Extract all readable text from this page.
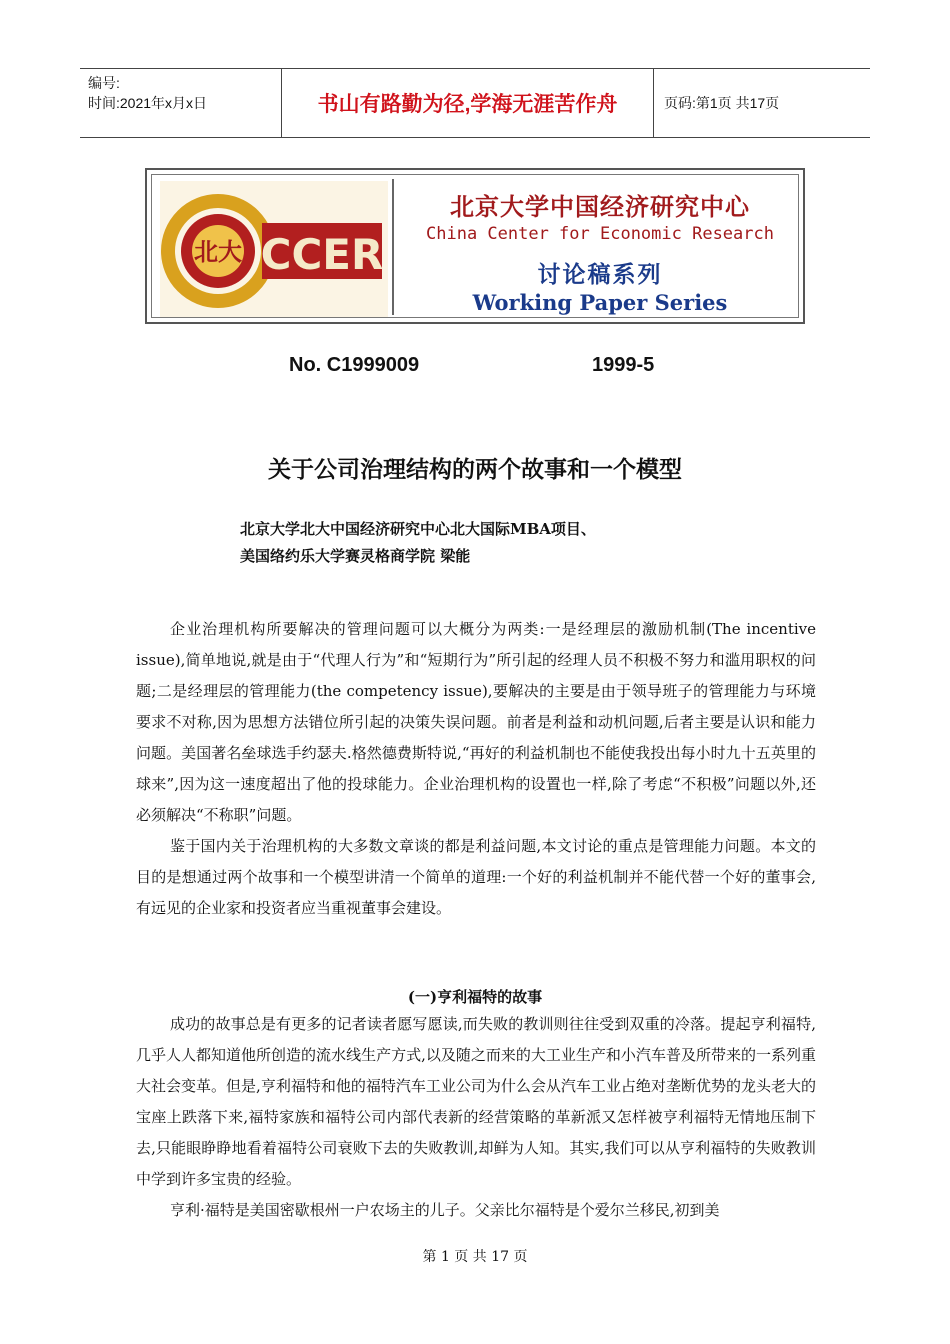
编号:
时间:2021年x月x日	书山有路勤为径,学海无涯苦作舟	页码:第1页 共17页
北大 CCER
北京大学中国经济研究中心
China Center for Economic Research
讨论稿系列
Working Paper Series
No. C1999009	1999-5
关于公司治理结构的两个故事和一个模型
北京大学北大中国经济研究中心北大国际MBA项目、
美国络约乐大学赛灵格商学院 梁能

企业治理机构所要解决的管理问题可以大概分为两类:一是经理层的激励机制(The incentive issue),简单地说,就是由于“代理人行为”和“短期行为”所引起的经理人员不积极不努力和滥用职权的问题;二是经理层的管理能力(the competency issue),要解决的主要是由于领导班子的管理能力与环境要求不对称,因为思想方法错位所引起的决策失误问题。前者是利益和动机问题,后者主要是认识和能力问题。美国著名垒球选手约瑟夫.格然德费斯特说,“再好的利益机制也不能使我投出每小时九十五英里的球来”,因为这一速度超出了他的投球能力。企业治理机构的设置也一样,除了考虑“不积极”问题以外,还必须解决“不称职”问题。

鉴于国内关于治理机构的大多数文章谈的都是利益问题,本文讨论的重点是管理能力问题。本文的目的是想通过两个故事和一个模型讲清一个简单的道理:一个好的利益机制并不能代替一个好的董事会,有远见的企业家和投资者应当重视董事会建设。

(一)亨利福特的故事

成功的故事总是有更多的记者读者愿写愿读,而失败的教训则往往受到双重的冷落。提起亨利福特,几乎人人都知道他所创造的流水线生产方式,以及随之而来的大工业生产和小汽车普及所带来的一系列重大社会变革。但是,亨利福特和他的福特汽车工业公司为什么会从汽车工业占绝对垄断优势的龙头老大的宝座上跌落下来,福特家族和福特公司内部代表新的经营策略的革新派又怎样被亨利福特无情地压制下去,只能眼睁睁地看着福特公司衰败下去的失败教训,却鲜为人知。其实,我们可以从亨利福特的失败教训中学到许多宝贵的经验。

亨利·福特是美国密歇根州一户农场主的儿子。父亲比尔福特是个爱尔兰移民,初到美

第 1 页 共 17 页
